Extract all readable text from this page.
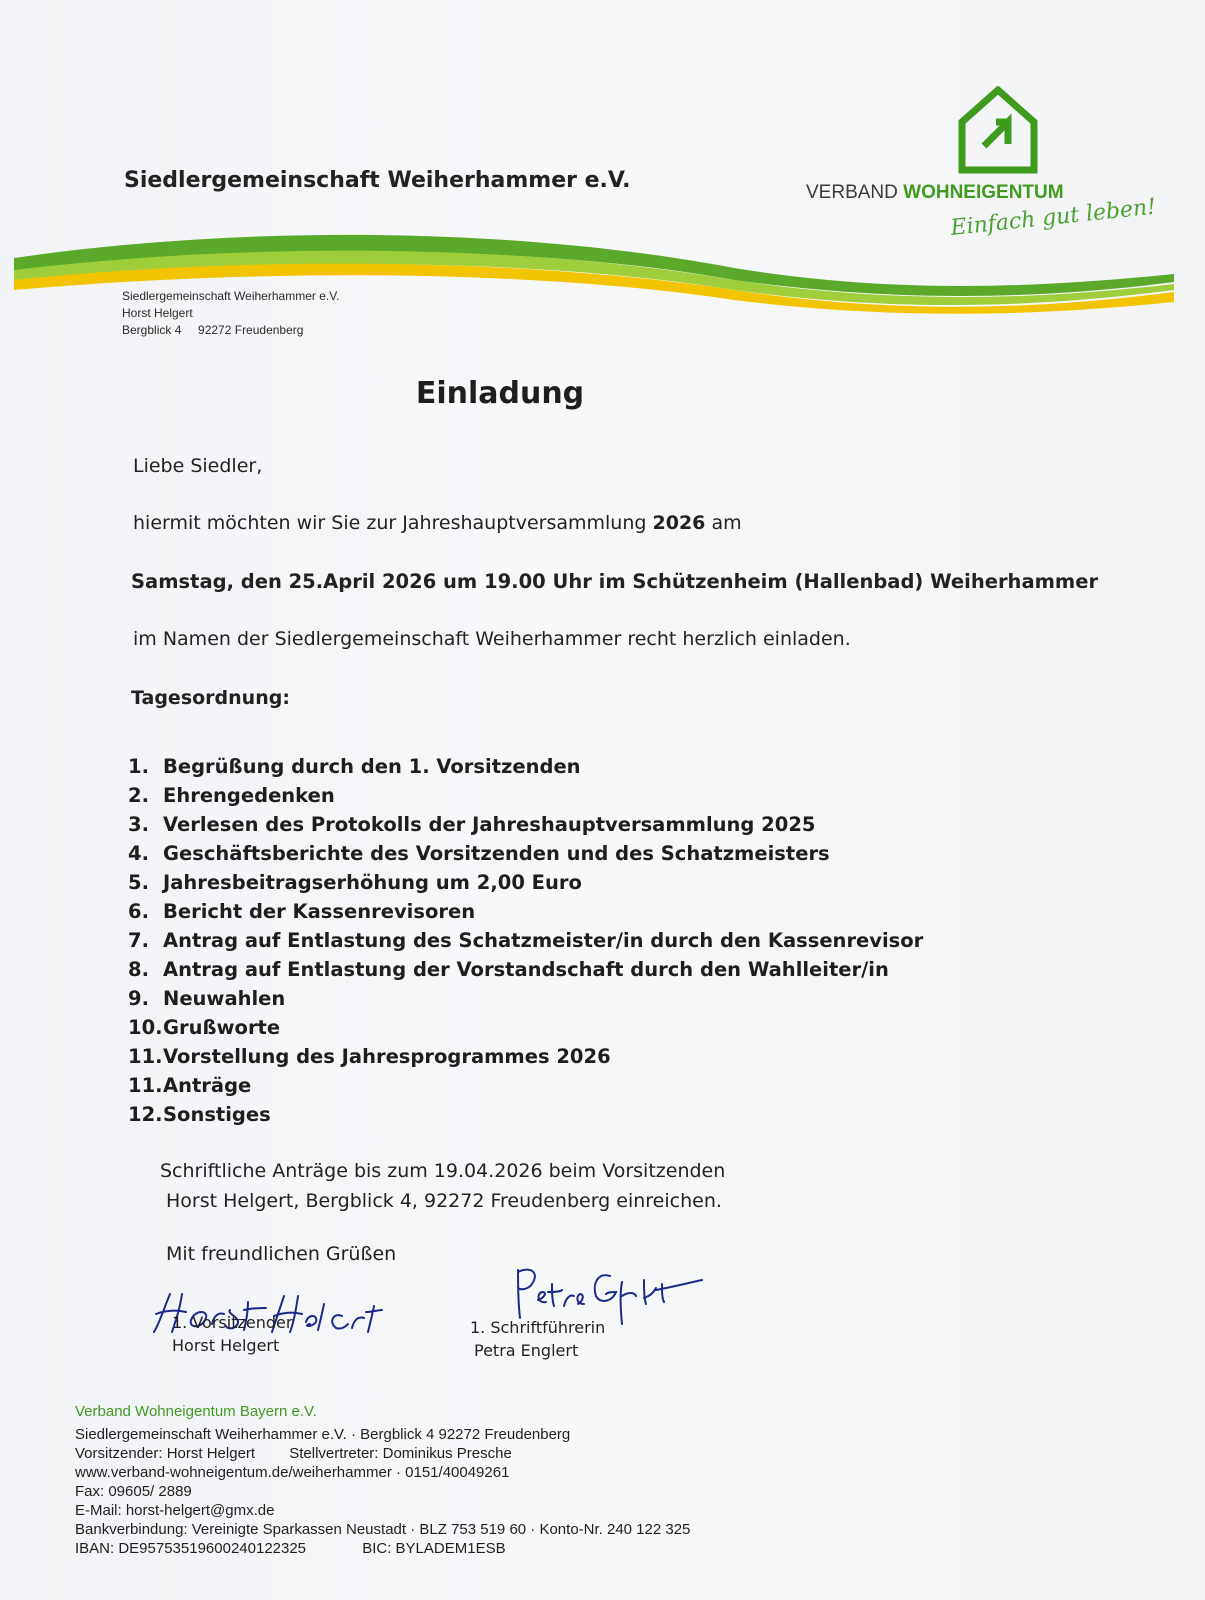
Siedlergemeinschaft Weiherhammer e.V.	VERBAND WOHNEIGENTUM
Einfach gut leben!
Siedlergemeinschaft Weiherhammer e.V.
Horst Helgert
Bergblick 4     92272 Freudenberg
Einladung
Liebe Siedler,
hiermit möchten wir Sie zur Jahreshauptversammlung 2026 am
Samstag, den 25.April 2026 um 19.00 Uhr im Schützenheim (Hallenbad) Weiherhammer
im Namen der Siedlergemeinschaft Weiherhammer recht herzlich einladen.
Tagesordnung:
1. Begrüßung durch den 1. Vorsitzenden
2. Ehrengedenken
3. Verlesen des Protokolls der Jahreshauptversammlung 2025
4. Geschäftsberichte des Vorsitzenden und des Schatzmeisters
5. Jahresbeitragserhöhung um 2,00 Euro
6. Bericht der Kassenrevisoren
7. Antrag auf Entlastung des Schatzmeister/in durch den Kassenrevisor
8. Antrag auf Entlastung der Vorstandschaft durch den Wahlleiter/in
9. Neuwahlen
10.Grußworte
11.Vorstellung des Jahresprogrammes 2026
11.Anträge
12.Sonstiges
Schriftliche Anträge bis zum 19.04.2026 beim Vorsitzenden
Horst Helgert, Bergblick 4, 92272 Freudenberg einreichen.
Mit freundlichen Grüßen
1. Vorsitzender
Horst Helgert
1. Schriftführerin
Petra Englert
Verband Wohneigentum Bayern e.V.
Siedlergemeinschaft Weiherhammer e.V. · Bergblick 4 92272 Freudenberg
Vorsitzender: Horst Helgert Stellvertreter: Dominikus Presche
www.verband-wohneigentum.de/weiherhammer · 0151/40049261
Fax: 09605/ 2889
E-Mail: horst-helgert@gmx.de
Bankverbindung: Vereinigte Sparkassen Neustadt · BLZ 753 519 60 · Konto-Nr. 240 122 325
IBAN: DE95753519600240122325	BIC: BYLADEM1ESB
